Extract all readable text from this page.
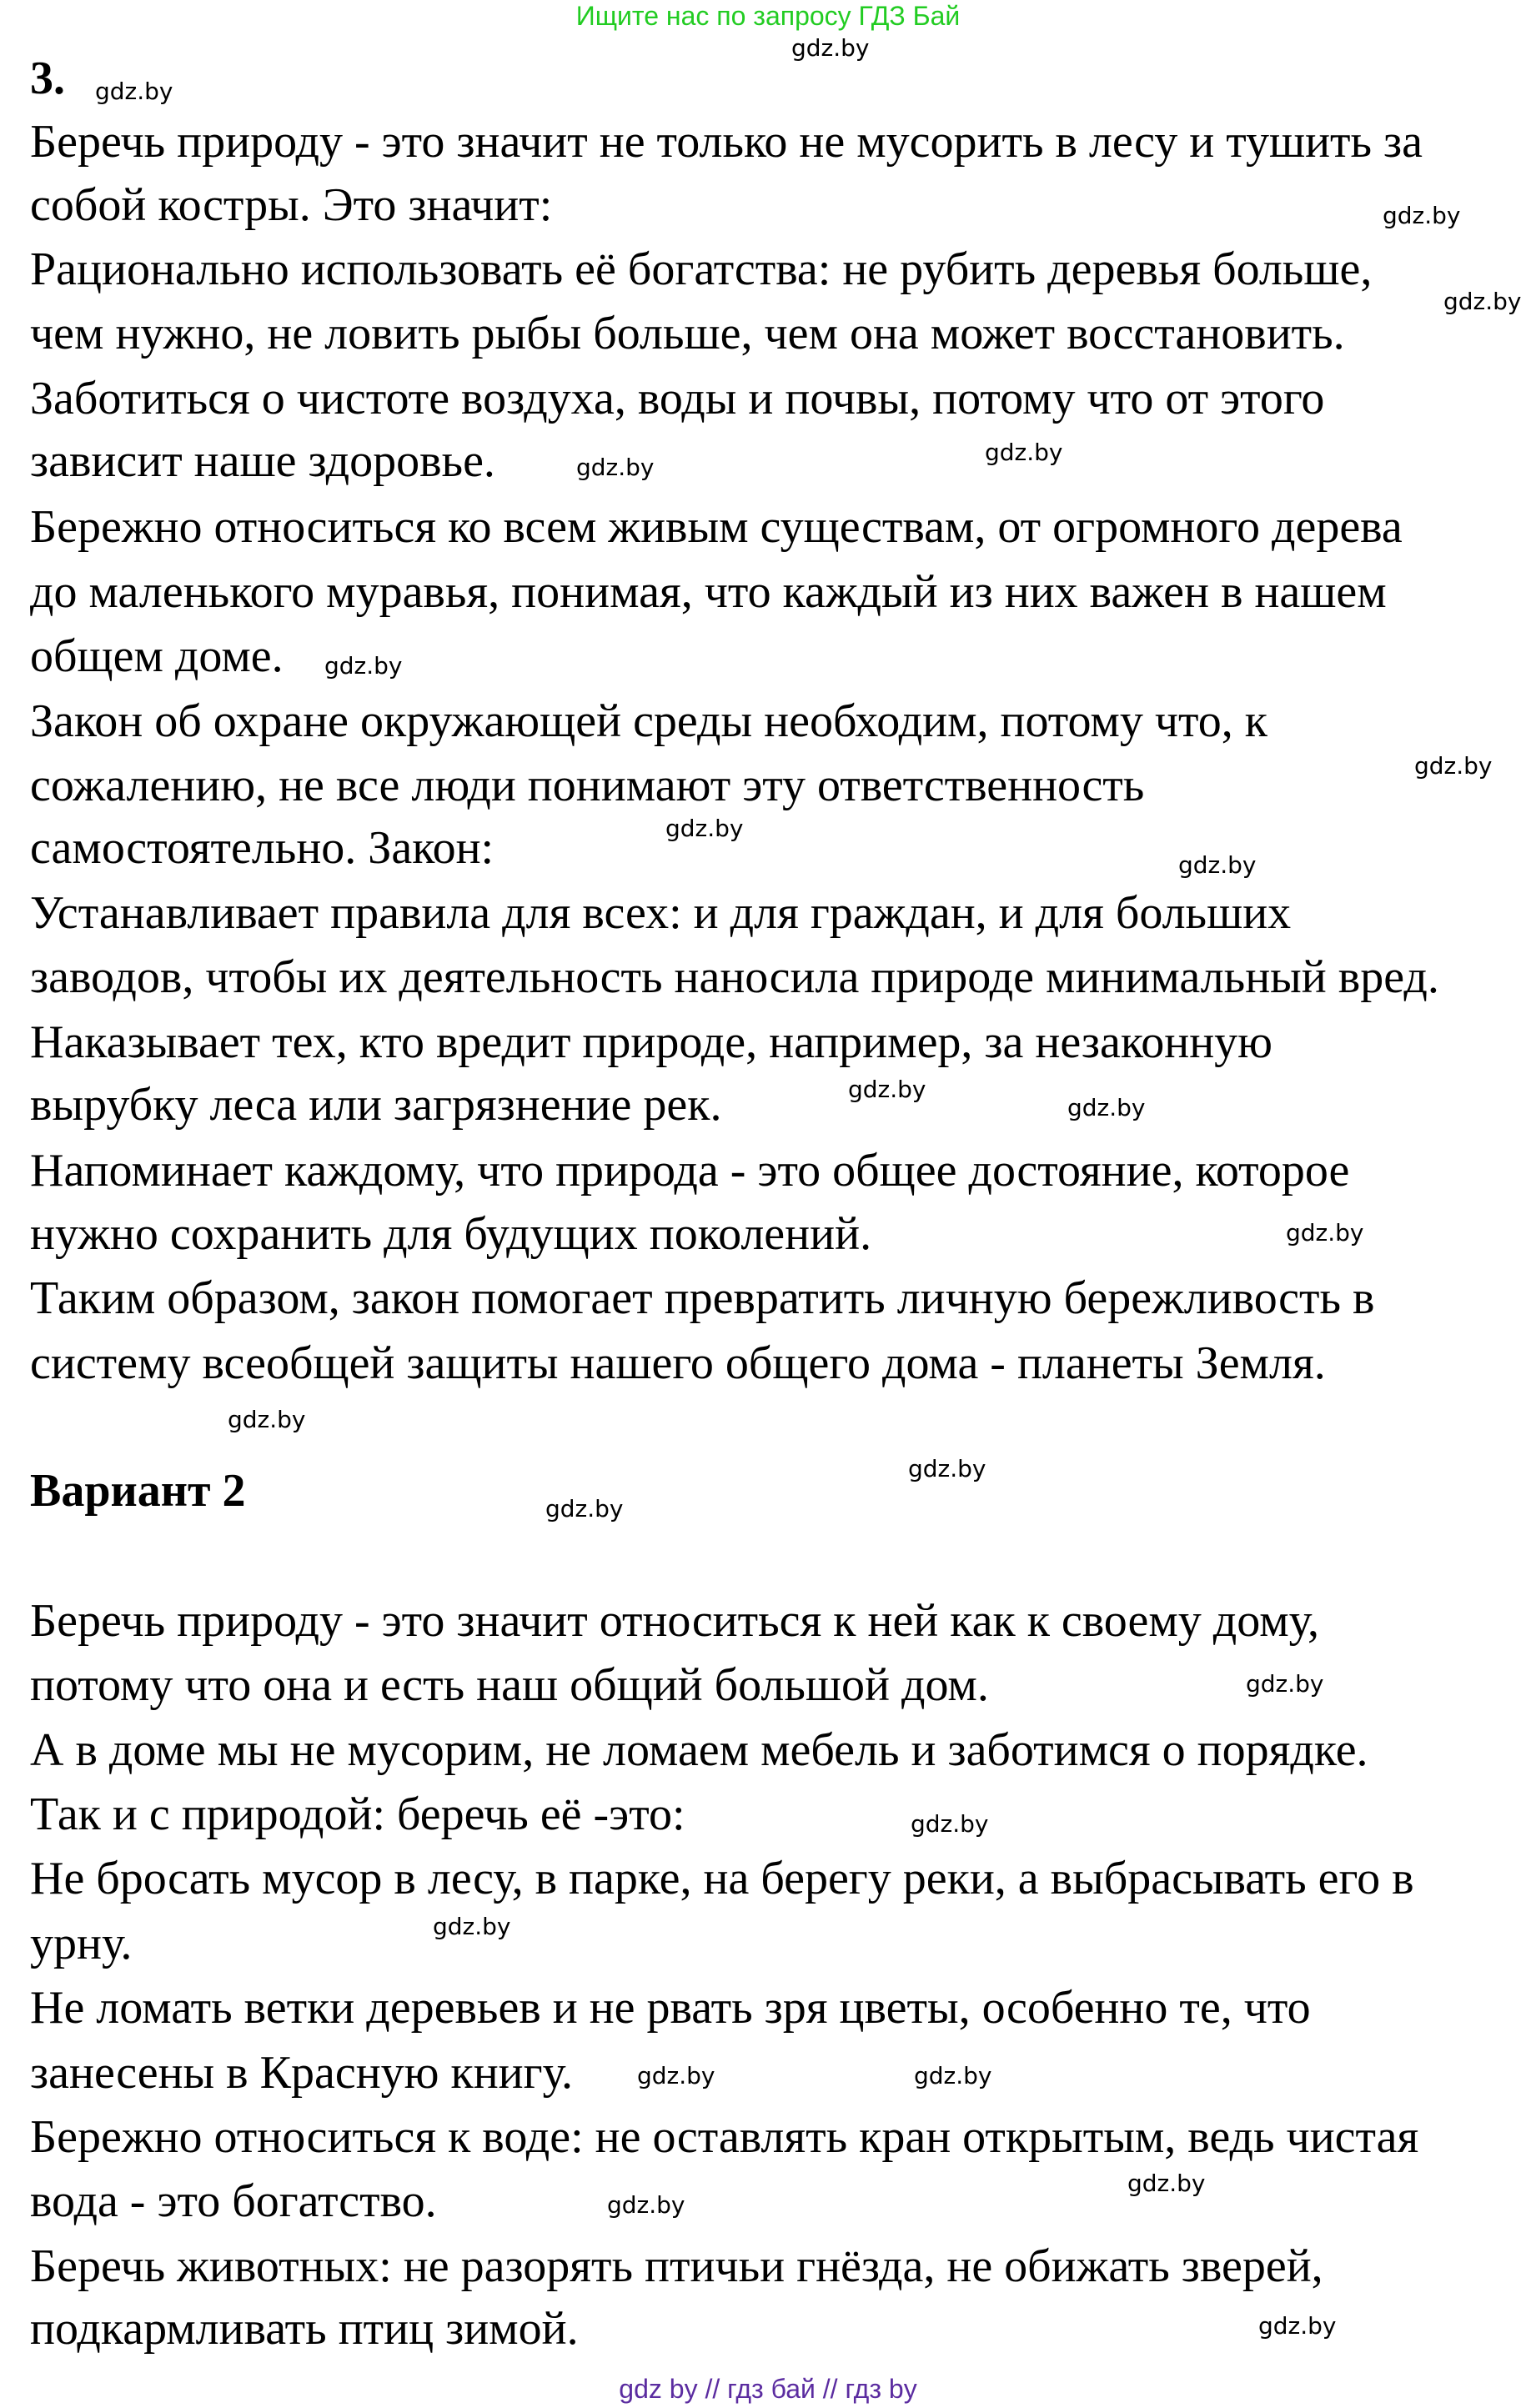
Ищите нас по запросу ГДЗ Бай
3.
Вариант 2
Беречь природу - это значит не только не мусорить в лесу и тушить за
собой костры. Это значит:
Рационально использовать её богатства: не рубить деревья больше,
чем нужно, не ловить рыбы больше, чем она может восстановить.
Заботиться о чистоте воздуха, воды и почвы, потому что от этого
зависит наше здоровье.
Бережно относиться ко всем живым существам, от огромного дерева
до маленького муравья, понимая, что каждый из них важен в нашем
общем доме.
Закон об охране окружающей среды необходим, потому что, к
сожалению, не все люди понимают эту ответственность
самостоятельно. Закон:
Устанавливает правила для всех: и для граждан, и для больших
заводов, чтобы их деятельность наносила природе минимальный вред.
Наказывает тех, кто вредит природе, например, за незаконную
вырубку леса или загрязнение рек.
Напоминает каждому, что природа - это общее достояние, которое
нужно сохранить для будущих поколений.
Таким образом, закон помогает превратить личную бережливость в
систему всеобщей защиты нашего общего дома - планеты Земля.
Беречь природу - это значит относиться к ней как к своему дому,
потому что она и есть наш общий большой дом.
А в доме мы не мусорим, не ломаем мебель и заботимся о порядке.
Так и с природой: беречь её -это:
Не бросать мусор в лесу, в парке, на берегу реки, а выбрасывать его в
урну.
Не ломать ветки деревьев и не рвать зря цветы, особенно те, что
занесены в Красную книгу.
Бережно относиться к воде: не оставлять кран открытым, ведь чистая
вода - это богатство.
Беречь животных: не разорять птичьи гнёзда, не обижать зверей,
подкармливать птиц зимой.
gdz.by
gdz.by
gdz.by
gdz.by
gdz.by
gdz.by
gdz.by
gdz.by
gdz.by
gdz.by
gdz.by
gdz.by
gdz.by
gdz.by
gdz.by
gdz.by
gdz.by
gdz.by
gdz.by
gdz.by
gdz.by
gdz.by
gdz.by
gdz.by
gdz by // гдз бай // гдз by
